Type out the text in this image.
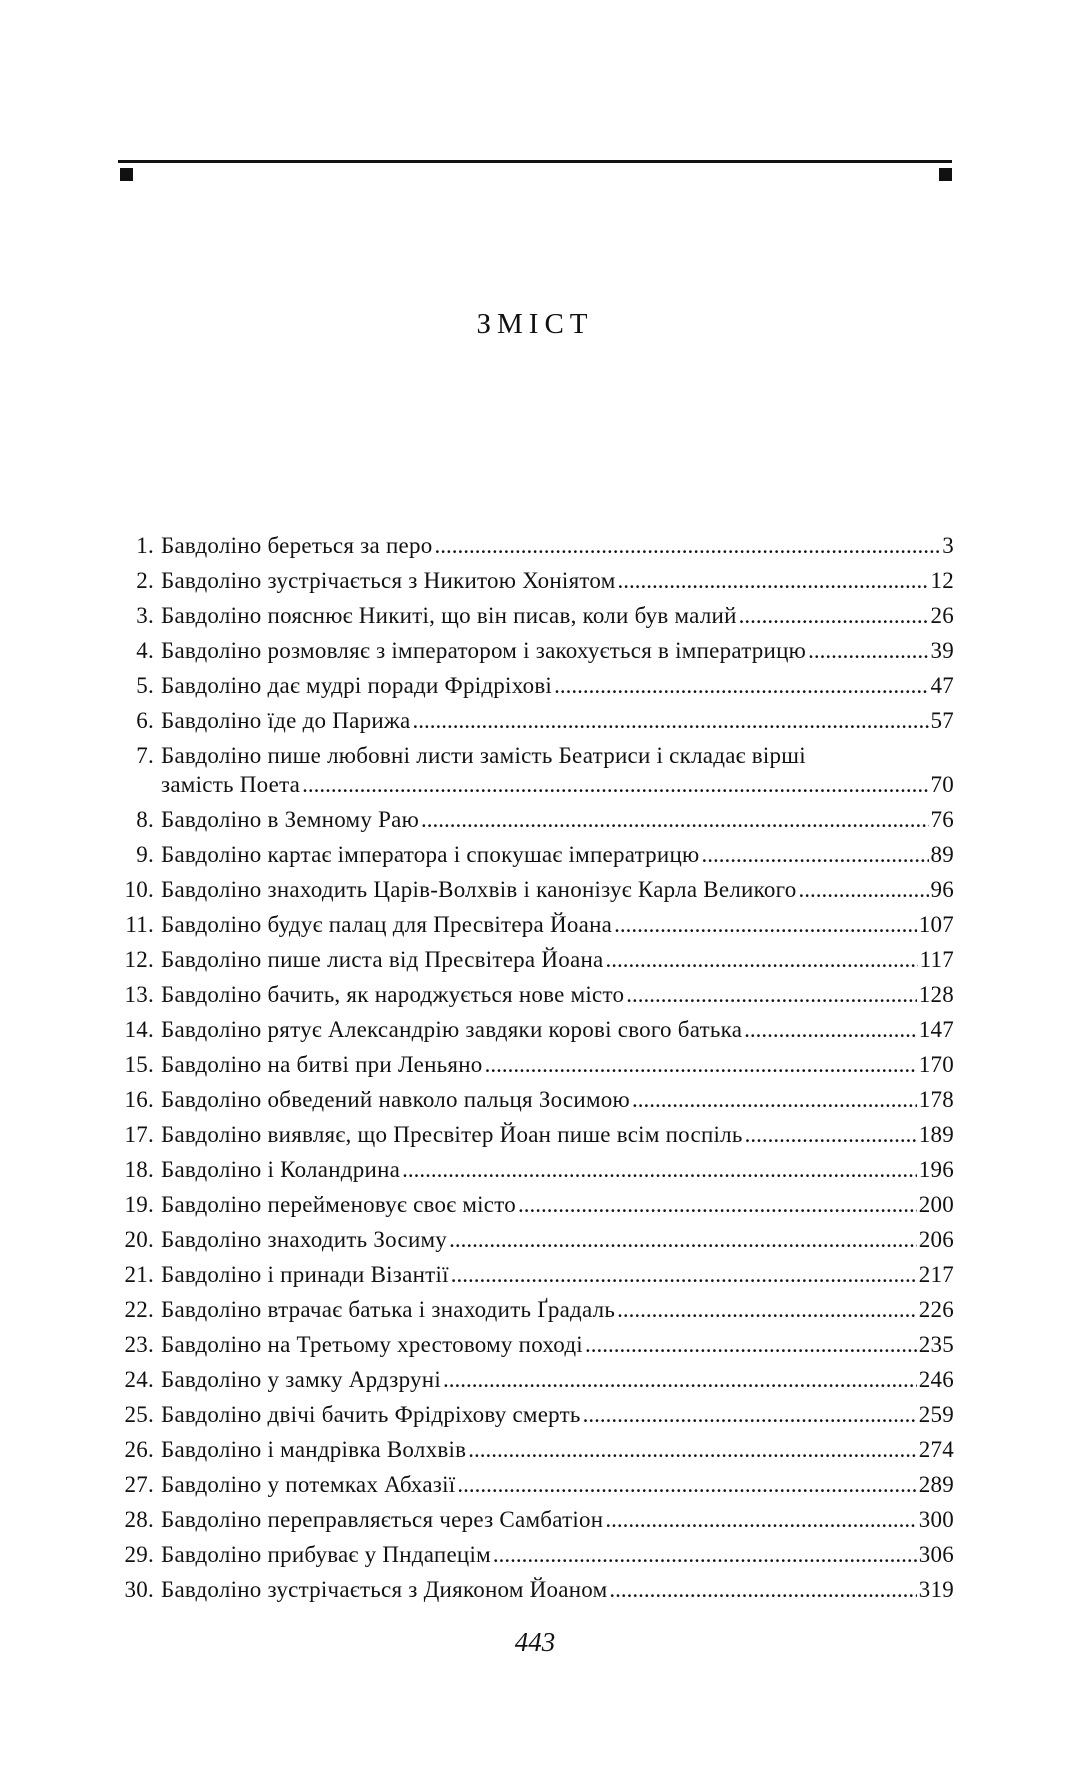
ЗМІСТ
1. Бавдоліно береться за перо .....	3
2. Бавдоліно зустрічається з Никитою Хоніятом .....	12
3. Бавдоліно пояснює Никиті, що він писав, коли був малий .....	26
4. Бавдоліно розмовляє з імператором і закохується в імператрицю .....	39
5. Бавдоліно дає мудрі поради Фрідріхові .....	47
6. Бавдоліно їде до Парижа .....	57
7. Бавдоліно пише любовні листи замість Беатриси і складає вірші
замість Поета .....	70
8. Бавдоліно в Земному Раю .....	76
9. Бавдоліно картає імператора і спокушає імператрицю .....	89
10. Бавдоліно знаходить Царів-Волхвів і канонізує Карла Великого .....	96
11. Бавдоліно будує палац для Пресвітера Йоана .....	107
12. Бавдоліно пише листа від Пресвітера Йоана .....	117
13. Бавдоліно бачить, як народжується нове місто .....	128
14. Бавдоліно рятує Александрію завдяки корові свого батька .....	147
15. Бавдоліно на битві при Леньяно .....	170
16. Бавдоліно обведений навколо пальця Зосимою .....	178
17. Бавдоліно виявляє, що Пресвітер Йоан пише всім поспіль .....	189
18. Бавдоліно і Коландрина .....	196
19. Бавдоліно перейменовує своє місто .....	200
20. Бавдоліно знаходить Зосиму .....	206
21. Бавдоліно і принади Візантії .....	217
22. Бавдоліно втрачає батька і знаходить Ґрадаль .....	226
23. Бавдоліно на Третьому хрестовому поході .....	235
24. Бавдоліно у замку Ардзруні .....	246
25. Бавдоліно двічі бачить Фрідріхову смерть .....	259
26. Бавдоліно і мандрівка Волхвів .....	274
27. Бавдоліно у потемках Абхазії .....	289
28. Бавдоліно переправляється через Самбатіон .....	300
29. Бавдоліно прибуває у Пндапецім .....	306
30. Бавдоліно зустрічається з Дияконом Йоаном .....	319
443
